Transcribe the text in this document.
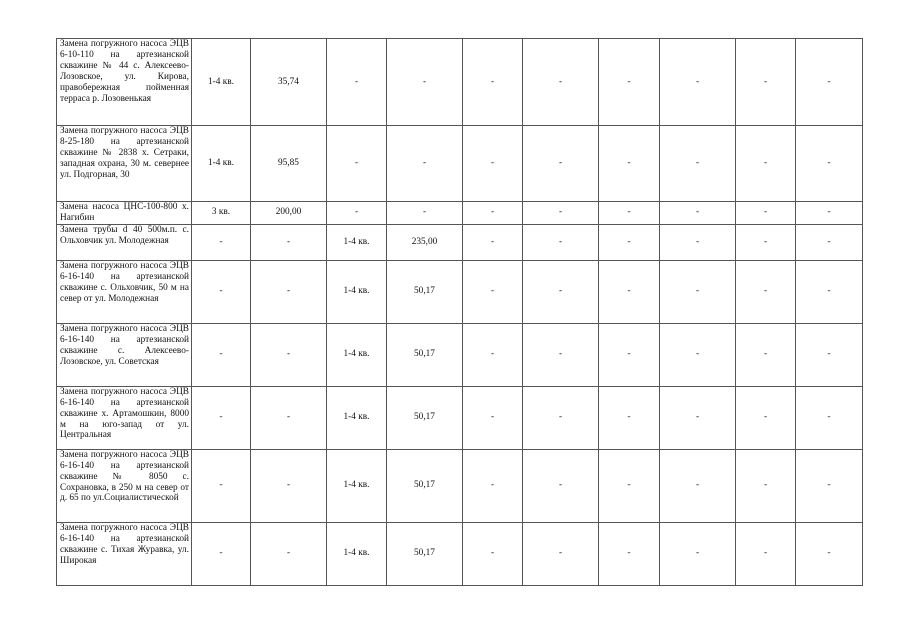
Замена погружного насоса ЭЦВ 6-10-110 на артезианской скважине № 44 с. Алексеево-Лозовское, ул. Кирова, правобережная пойменная терраса р. Лозовенькая	1-4 кв.	35,74	-	-	-	-	-	-	-	-
Замена погружного насоса ЭЦВ 8-25-180 на артезианской скважине № 2838 х. Сетраки, западная охрана, 30 м. севернее ул. Подгорная, 30	1-4 кв.	95,85	-	-	-	-	-	-	-	-
Замена насоса ЦНС-100-800 х. Нагибин	3 кв.	200,00	-	-	-	-	-	-	-	-
Замена трубы d 40 500м.п. с. Ольховчик ул. Молодежная	-	-	1-4 кв.	235,00	-	-	-	-	-	-
Замена погружного насоса ЭЦВ 6-16-140 на артезианской скважине с. Ольховчик, 50 м на север от ул. Молодежная	-	-	1-4 кв.	50,17	-	-	-	-	-	-
Замена погружного насоса ЭЦВ 6-16-140 на артезианской скважине с. Алексеево-Лозовское, ул. Советская	-	-	1-4 кв.	50,17	-	-	-	-	-	-
Замена погружного насоса ЭЦВ 6-16-140 на артезианской скважине х. Артамошкин, 8000 м на юго-запад от ул. Центральная	-	-	1-4 кв.	50,17	-	-	-	-	-	-
Замена погружного насоса ЭЦВ 6-16-140 на артезианской скважине № 8050 с. Сохрановка, в 250 м на север от д. 65 по ул.Социалистической	-	-	1-4 кв.	50,17	-	-	-	-	-	-
Замена погружного насоса ЭЦВ 6-16-140 на артезианской скважине с. Тихая Журавка, ул. Широкая	-	-	1-4 кв.	50,17	-	-	-	-	-	-
